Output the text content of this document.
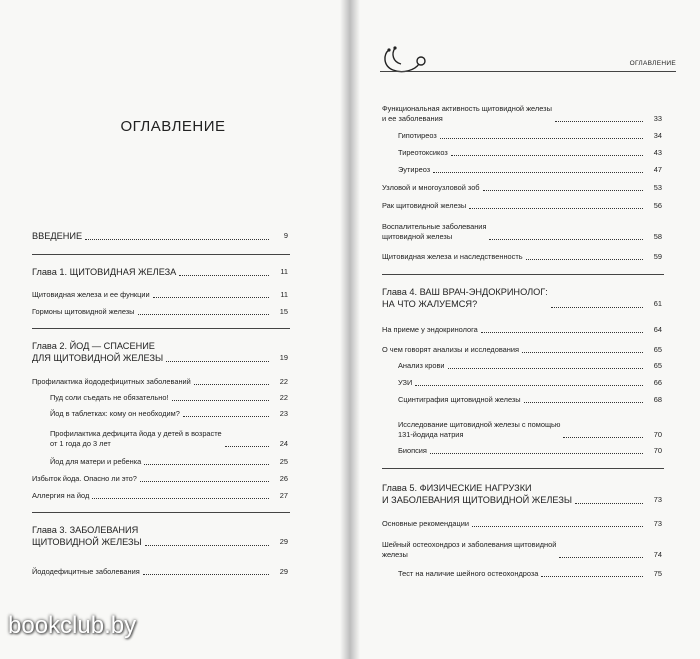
ОГЛАВЛЕНИЕ
ВВЕДЕНИЕ	9
Глава 1. ЩИТОВИДНАЯ ЖЕЛЕЗА	11
Щитовидная железа и ее функции	11
Гормоны щитовидной железы	15
Глава 2. ЙОД — СПАСЕНИЕ
ДЛЯ ЩИТОВИДНОЙ ЖЕЛЕЗЫ	19
Профилактика йододефицитных заболеваний	22
Пуд соли съедать не обязательно!	22
Йод в таблетках: кому он необходим?	23
Профилактика дефицита йода у детей в возрасте
от 1 года до 3 лет	24
Йод для матери и ребенка	25
Избыток йода. Опасно ли это?	26
Аллергия на йод	27
Глава 3. ЗАБОЛЕВАНИЯ
ЩИТОВИДНОЙ ЖЕЛЕЗЫ	29
Йододефицитные заболевания	29
ОГЛАВЛЕНИЕ
Функциональная активность щитовидной железы
и ее заболевания	33
Гипотиреоз	34
Тиреотоксикоз	43
Эутиреоз	47
Узловой и многоузловой зоб	53
Рак щитовидной железы	56
Воспалительные заболевания
щитовидной железы	58
Щитовидная железа и наследственность	59
Глава 4. ВАШ ВРАЧ-ЭНДОКРИНОЛОГ:
НА ЧТО ЖАЛУЕМСЯ?	61
На приеме у эндокринолога	64
О чем говорят анализы и исследования	65
Анализ крови	65
УЗИ	66
Сцинтиграфия щитовидной железы	68
Исследование щитовидной железы с помощью
131-йодида натрия	70
Биопсия	70
Глава 5. ФИЗИЧЕСКИЕ НАГРУЗКИ
И ЗАБОЛЕВАНИЯ ЩИТОВИДНОЙ ЖЕЛЕЗЫ	73
Основные рекомендации	73
Шейный остеохондроз и заболевания щитовидной
железы	74
Тест на наличие шейного остеохондроза	75
bookclub.by
